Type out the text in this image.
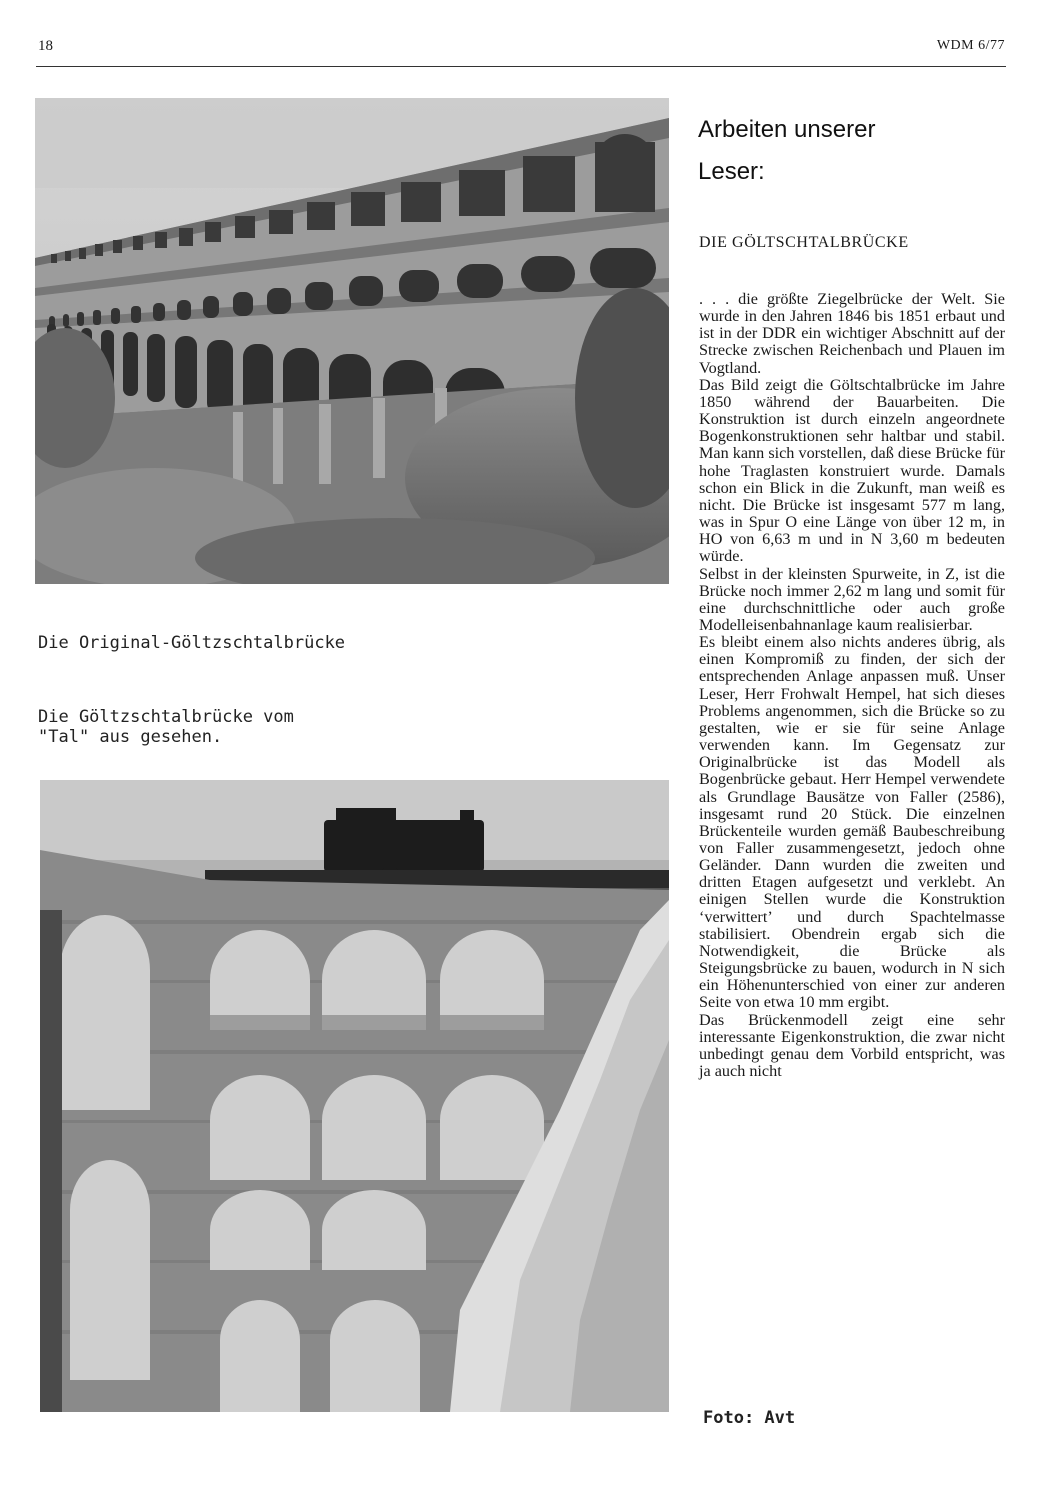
18	WDM 6/77
Die Original-Göltzschtalbrücke
Die Göltzschtalbrücke vom
"Tal" aus gesehen.
Foto: Avt
Arbeiten unserer
Leser:
DIE GÖLTSCHTALBRÜCKE

. . . die größte Ziegelbrücke der Welt. Sie wurde in den Jahren 1846 bis 1851 erbaut und ist in der DDR ein wichtiger Abschnitt auf der Strecke zwischen Reichenbach und Plauen im Vogtland.

Das Bild zeigt die Göltschtalbrücke im Jahre 1850 während der Bauarbeiten. Die Konstruktion ist durch einzeln angeordnete Bogenkonstruktionen sehr haltbar und stabil. Man kann sich vorstellen, daß diese Brücke für hohe Traglasten konstruiert wurde. Damals schon ein Blick in die Zukunft, man weiß es nicht. Die Brücke ist insgesamt 577 m lang, was in Spur O eine Länge von über 12 m, in HO von 6,63 m und in N 3,60 m bedeuten würde.

Selbst in der kleinsten Spurweite, in Z, ist die Brücke noch immer 2,62 m lang und somit für eine durchschnittliche oder auch große Modelleisenbahnanlage kaum realisierbar.

Es bleibt einem also nichts anderes übrig, als einen Kompromiß zu finden, der sich der entsprechenden Anlage anpassen muß. Unser Leser, Herr Frohwalt Hempel, hat sich dieses Problems angenommen, sich die Brücke so zu gestalten, wie er sie für seine Anlage verwenden kann. Im Gegensatz zur Originalbrücke ist das Modell als Bogenbrücke gebaut. Herr Hempel verwendete als Grundlage Bausätze von Faller (2586), insgesamt rund 20 Stück. Die einzelnen Brückenteile wurden gemäß Baubeschreibung von Faller zusammengesetzt, jedoch ohne Geländer. Dann wurden die zweiten und dritten Etagen aufgesetzt und verklebt. An einigen Stellen wurde die Konstruktion ‘verwittert’ und durch Spachtelmasse stabilisiert. Obendrein ergab sich die Notwendigkeit, die Brücke als Steigungsbrücke zu bauen, wodurch in N sich ein Höhenunterschied von einer zur anderen Seite von etwa 10 mm ergibt.

Das Brückenmodell zeigt eine sehr interessante Eigenkonstruktion, die zwar nicht unbedingt genau dem Vorbild entspricht, was ja auch nicht
